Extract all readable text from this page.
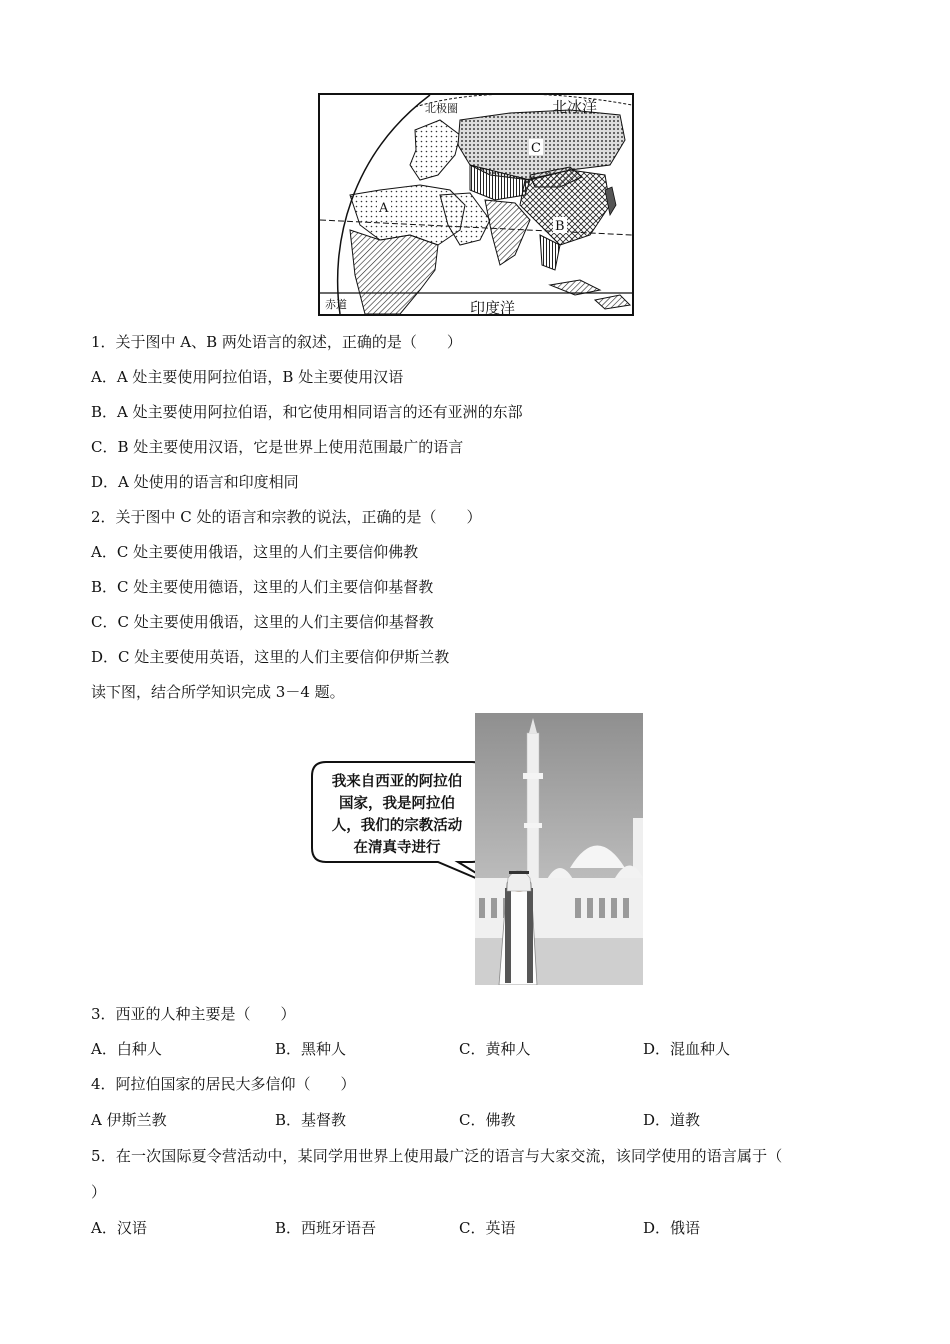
北极圈	北冰洋
赤道	印度洋
A
B
C
1．关于图中 A、B 两处语言的叙述，正确的是（　　）
A．A 处主要使用阿拉伯语，B 处主要使用汉语
B．A 处主要使用阿拉伯语，和它使用相同语言的还有亚洲的东部
C．B 处主要使用汉语，它是世界上使用范围最广的语言
D．A 处使用的语言和印度相同
2．关于图中 C 处的语言和宗教的说法，正确的是（　　）
A．C 处主要使用俄语，这里的人们主要信仰佛教
B．C 处主要使用德语，这里的人们主要信仰基督教
C．C 处主要使用俄语，这里的人们主要信仰基督教
D．C 处主要使用英语，这里的人们主要信仰伊斯兰教
读下图，结合所学知识完成 3－4 题。
我来自西亚的阿拉伯
国家，我是阿拉伯
人，我们的宗教活动
在清真寺进行
3．西亚的人种主要是（　　）
A．白种人	B．黑种人	C．黄种人	D．混血种人
4．阿拉伯国家的居民大多信仰（　　）
A 伊斯兰教	B．基督教	C．佛教	D．道教
5．在一次国际夏令营活动中，某同学用世界上使用最广泛的语言与大家交流，该同学使用的语言属于（
）
A．汉语	B．西班牙语吾	C．英语	D．俄语
